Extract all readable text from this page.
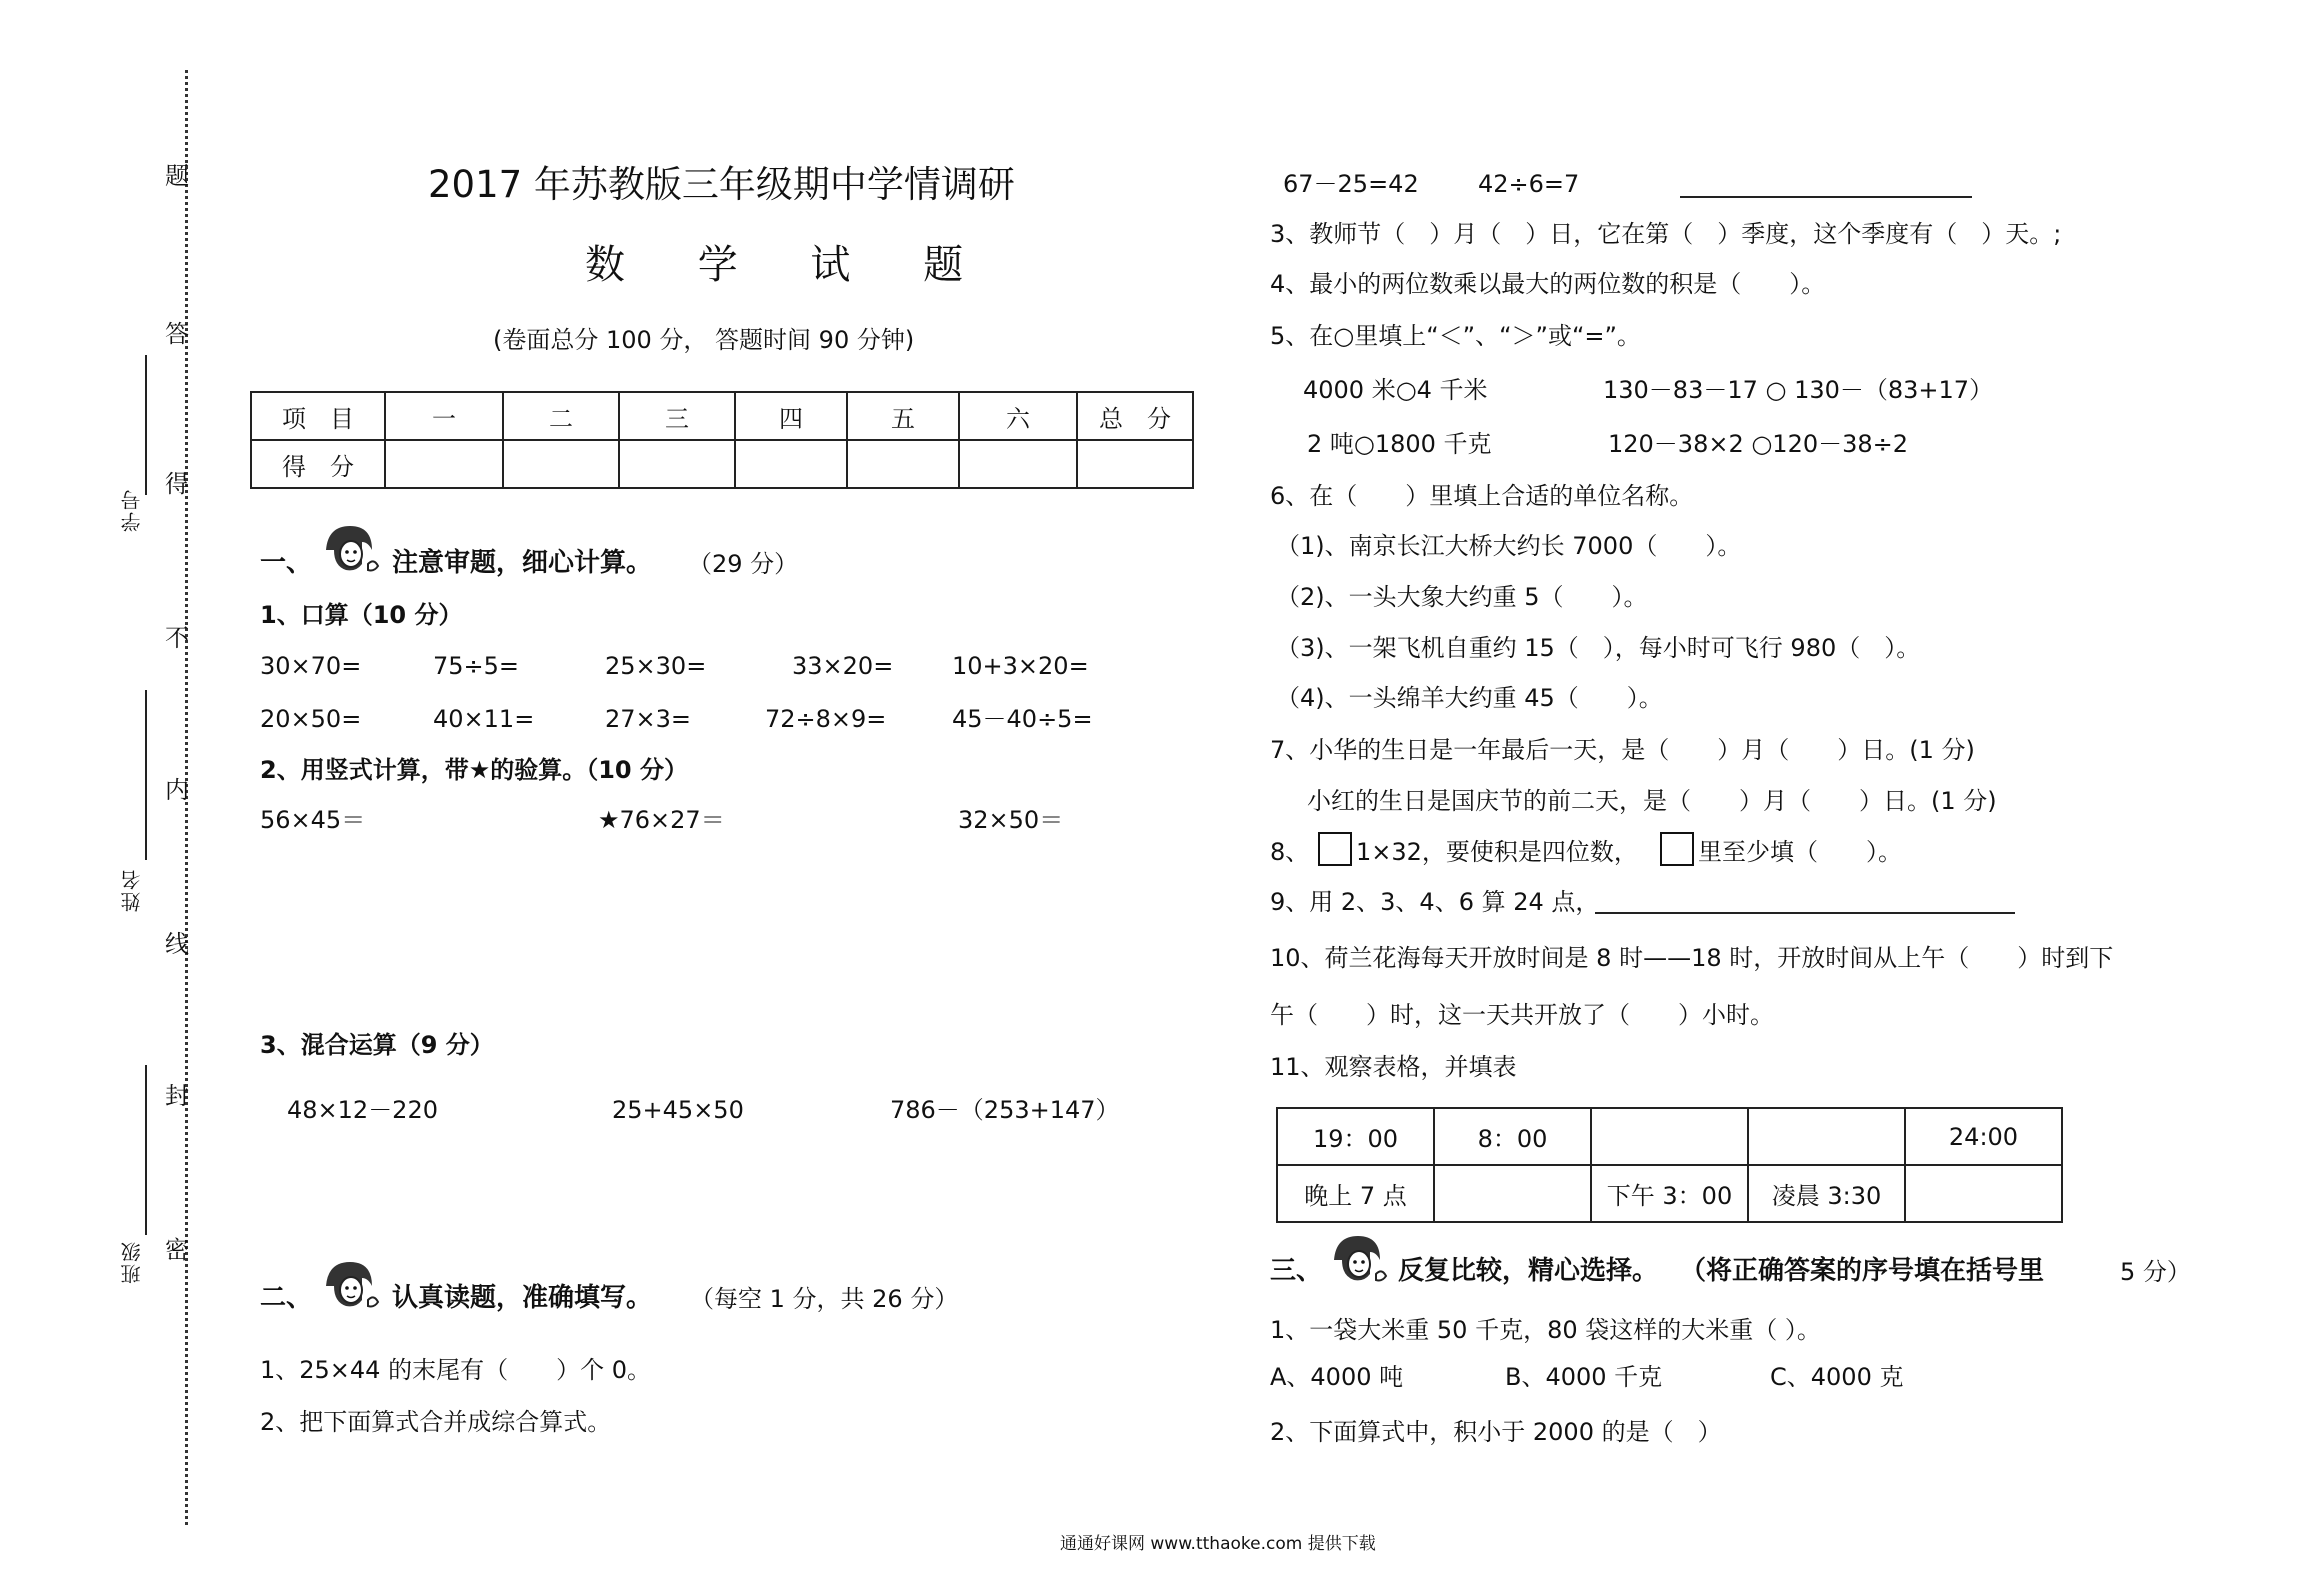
题
答
得
不
内
线
封
密
学号
姓名
班级
2017 年苏教版三年级期中学情调研
数 学 试 题
(卷面总分 100 分， 答题时间 90 分钟)
项　目	一	二	三	四	五	六	总　分
得　分							
一、	注意审题，细心计算。 （29 分）
1、口算（10 分）
30×70=	75÷5=	25×30=	33×20= 10+3×20=
20×50=	40×11=	27×3=	72÷8×9=	45－40÷5=
2、用竖式计算，带★的验算。（10 分）
56×45＝	★76×27＝	32×50＝
3、混合运算（9 分）
48×12－220	25+45×50	786－（253+147）
二、	认真读题，准确填写。 （每空 1 分，共 26 分）
1、25×44 的末尾有（　　）个 0。
2、把下面算式合并成综合算式。
67－25=42 42÷6=7
3、教师节（　）月（　）日，它在第（　）季度，这个季度有（　）天。;
4、最小的两位数乘以最大的两位数的积是（　　）。
5、在○里填上“＜”、“＞”或“=”。
4000 米○4 千米	130－83－17 ○ 130－（83+17）
2 吨○1800 千克	120－38×2 ○120－38÷2
6、在（　　）里填上合适的单位名称。
（1)、南京长江大桥大约长 7000（　　）。
（2)、一头大象大约重 5（　　）。
（3)、一架飞机自重约 15（　），每小时可飞行 980（　）。
（4)、一头绵羊大约重 45（　　）。
7、小华的生日是一年最后一天，是（　　）月（　　）日。(1 分)
小红的生日是国庆节的前二天，是（　　）月（　　）日。(1 分)
8、 1×32，要使积是四位数，	里至少填（　　）。
9、用 2、3、4、6 算 24 点，
10、荷兰花海每天开放时间是 8 时——18 时，开放时间从上午（　　）时到下
午（　　）时，这一天共开放了（　　）小时。
11、观察表格，并填表
19：00	8：00			24:00
晚上 7 点		下午 3：00	凌晨 3:30	
三、	反复比较，精心选择。 （将正确答案的序号填在括号里	5 分）
1、一袋大米重 50 千克，80 袋这样的大米重（ ）。
A、4000 吨	B、4000 千克	C、4000 克
2、下面算式中，积小于 2000 的是（　）
通通好课网 www.tthaoke.com 提供下载
